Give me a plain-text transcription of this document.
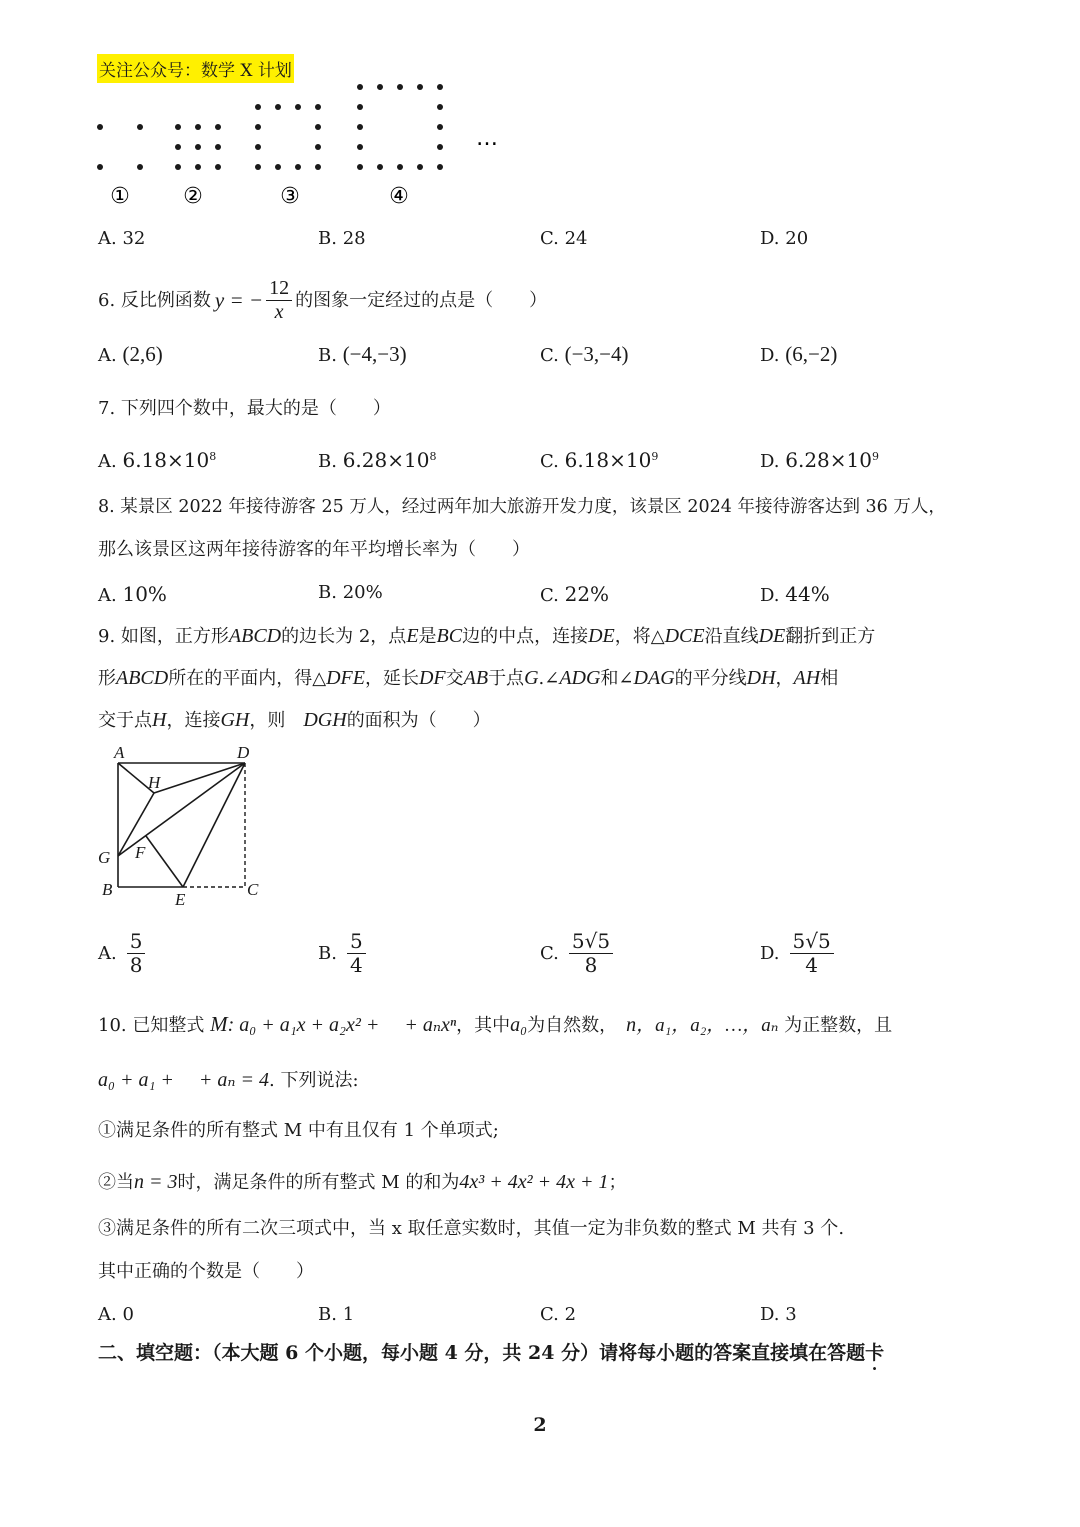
关注公众号：数学 X 计划
① ②	③	④
…
A. 32	B. 28	C. 24	D. 20
6. 反比例函数 y = − $\frac{12}{x}$ 的图象一定经过的点是（　　）
A. (2,6)	B. (−4,−3)	C. (−3,−4)	D. (6,−2)
7. 下列四个数中，最大的是（　　）
A. $6.18\times 10^8$	B. $6.28\times 10^8$	C. $6.18\times 10^9$	D. $6.28\times 10^9$
8. 某景区 2022 年接待游客 25 万人，经过两年加大旅游开发力度，该景区 2024 年接待游客达到 36 万人，
那么该景区这两年接待游客的年平均增长率为（　　）
A. 10%	B. 20%	C. 22%	D. 44%
9. 如图，正方形ABCD的边长为 2，点E是BC边的中点，连接DE，将△DCE沿直线DE翻折到正方
形ABCD所在的平面内，得△DFE，延长DF交AB于点G.∠ADG和∠DAG的平分线DH，AH相
交于点H，连接GH，则　 DGH的面积为（　　）
A	D
H
G F
B
E
C
A. $\frac{5}{8}$	B. $\frac{5}{4}$	C. $\frac{5√5}{8}$	D. $\frac{5√5}{4}$
10. 已知整式 M: a₀ + a₁x + a₂x² + 　+ aₙxⁿ，其中a₀为自然数，　 n，a₁，a₂，…，aₙ 为正整数，且
a₀ + a₁ + 　+ aₙ = 4. 下列说法:
①满足条件的所有整式 M 中有且仅有 1 个单项式;
②当n = 3时，满足条件的所有整式 M 的和为4x³ + 4x² + 4x + 1；
③满足条件的所有二次三项式中，当 x 取任意实数时，其值一定为非负数的整式 M 共有 3 个.
其中正确的个数是（　　）
A. 0	B. 1	C. 2	D. 3
二、填空题：（本大题 6 个小题，每小题 4 分，共 24 分）请将每小题的答案直接填在答题卡
2
